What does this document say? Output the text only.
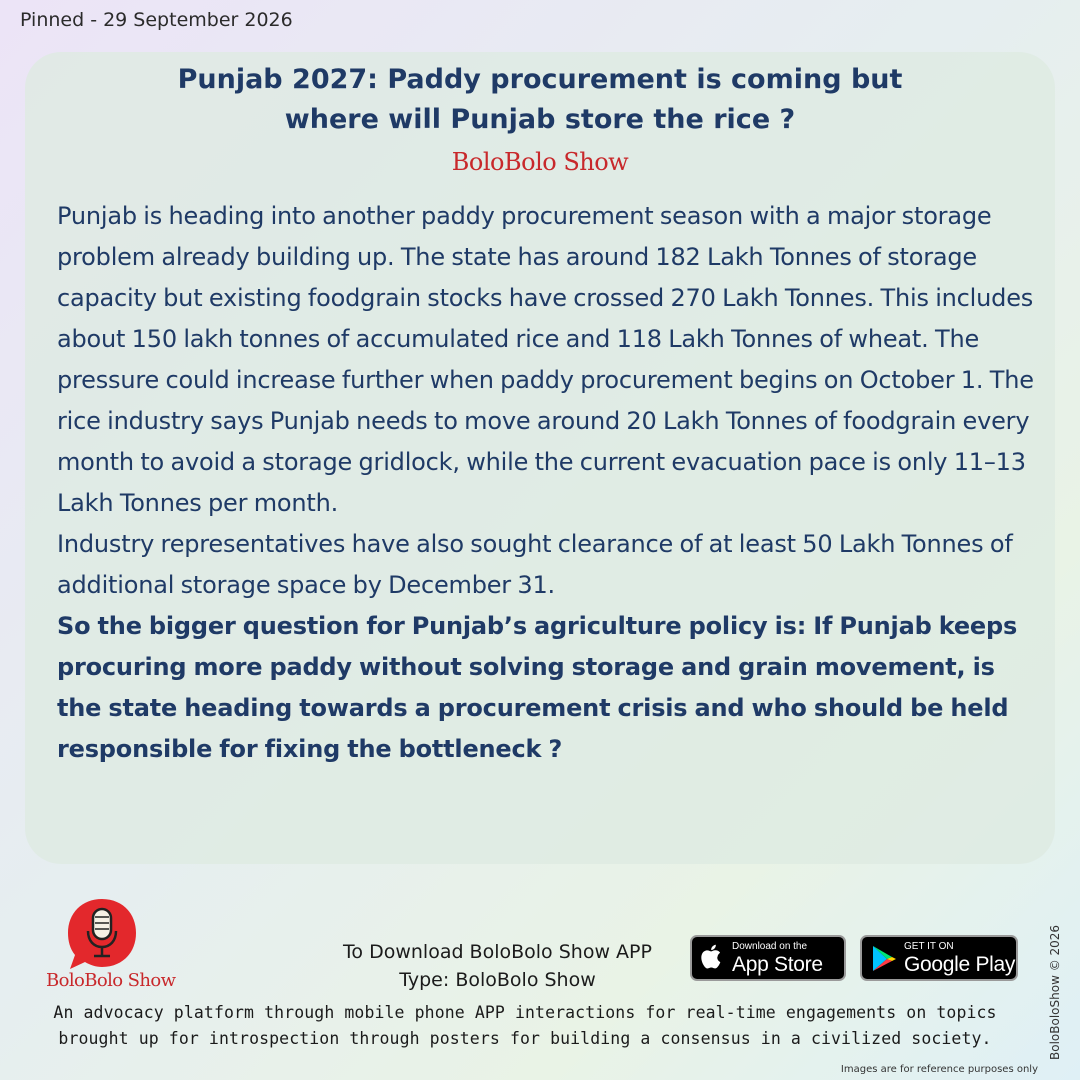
Pinned - 29 September 2026
Punjab 2027: Paddy procurement is coming but
where will Punjab store the rice ?
BoloBolo Show

Punjab is heading into another paddy procurement season with a major storage problem already building up. The state has around 182 Lakh Tonnes of storage capacity but existing foodgrain stocks have crossed 270 Lakh Tonnes. This includes about 150 lakh tonnes of accumulated rice and 118 Lakh Tonnes of wheat. The pressure could increase further when paddy procurement begins on October 1. The rice industry says Punjab needs to move around 20 Lakh Tonnes of foodgrain every month to avoid a storage gridlock, while the current evacuation pace is only 11–13 Lakh Tonnes per month.

Industry representatives have also sought clearance of at least 50 Lakh Tonnes of additional storage space by December 31.

So the bigger question for Punjab’s agriculture policy is: If Punjab keeps procuring more paddy without solving storage and grain movement, is the state heading towards a procurement crisis and who should be held responsible for fixing the bottleneck ?

BoloBolo Show
To Download BoloBolo Show APP
Type: BoloBolo Show
Download on the
App Store
GET IT ON
Google Play
An advocacy platform through mobile phone APP interactions for real-time engagements on topics
brought up for introspection through posters for building a consensus in a civilized society.	BoloBoloShow © 2026
Images are for reference purposes only
